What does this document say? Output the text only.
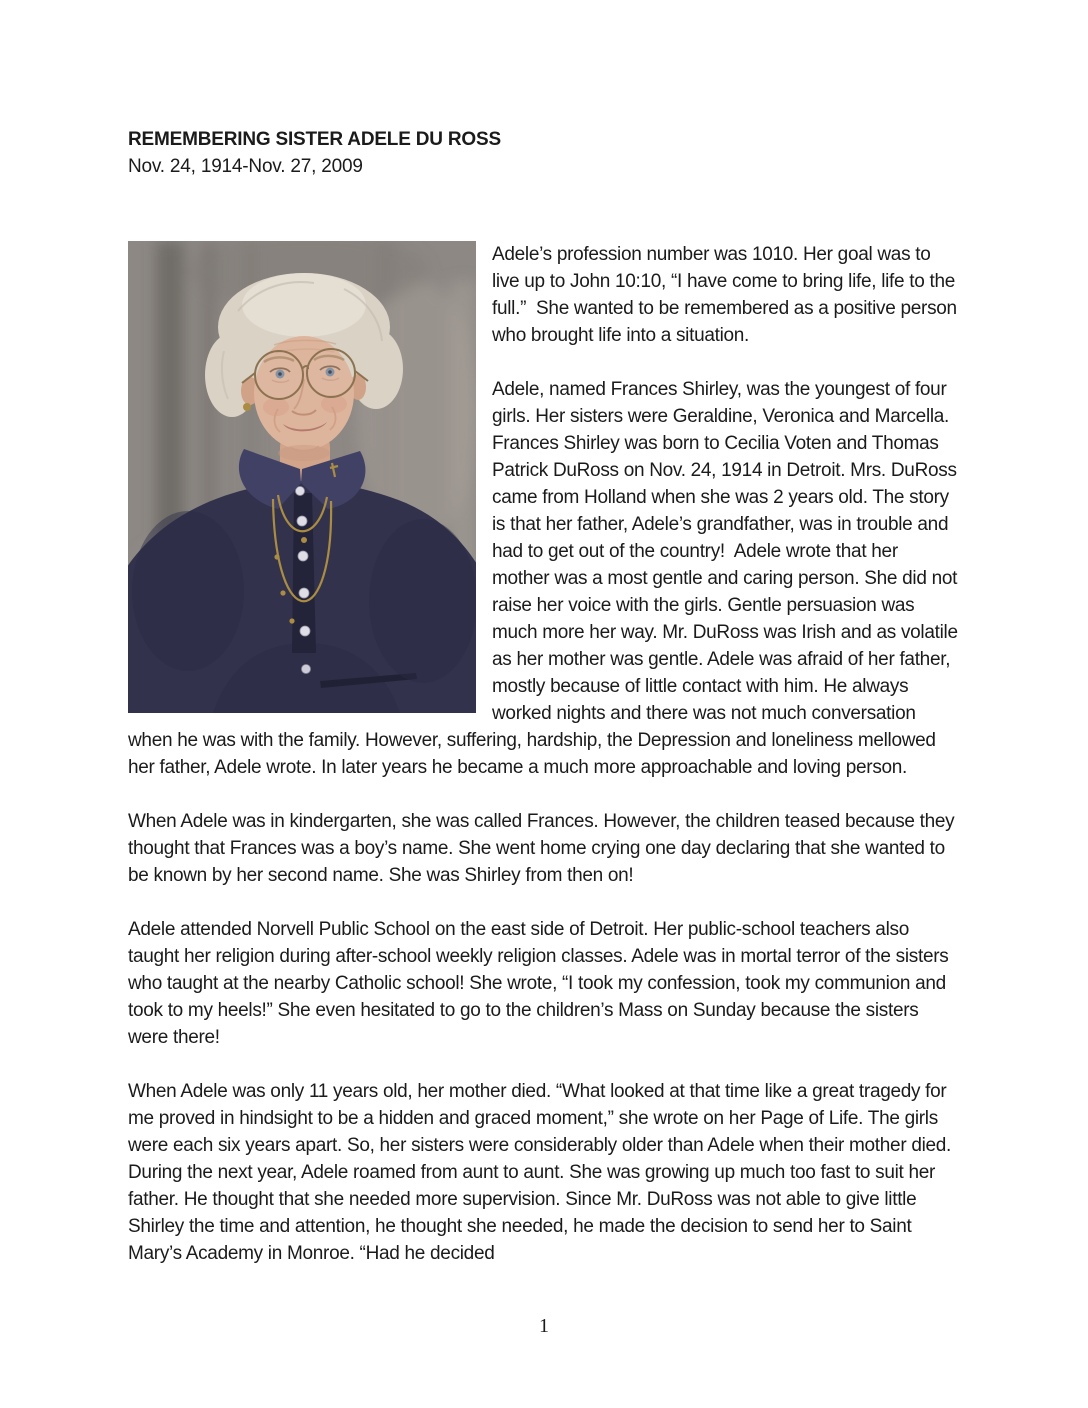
REMEMBERING SISTER ADELE DU ROSS

Nov. 24, 1914-Nov. 27, 2009

Adele’s profession number was 1010. Her goal was to live up to John 10:10, “I have come to bring life, life to the full.”  She wanted to be remembered as a positive person who brought life into a situation.

Adele, named Frances Shirley, was the youngest of four girls. Her sisters were Geraldine, Veronica and Marcella. Frances Shirley was born to Cecilia Voten and Thomas Patrick DuRoss on Nov. 24, 1914 in Detroit. Mrs. DuRoss came from Holland when she was 2 years old. The story is that her father, Adele’s grandfather, was in trouble and had to get out of the country!  Adele wrote that her mother was a most gentle and caring person. She did not raise her voice with the girls. Gentle persuasion was much more her way. Mr. DuRoss was Irish and as volatile as her mother was gentle. Adele was afraid of her father, mostly because of little contact with him. He always worked nights and there was not much conversation when he was with the family. However, suffering, hardship, the Depression and loneliness mellowed her father, Adele wrote. In later years he became a much more approachable and loving person.

When Adele was in kindergarten, she was called Frances. However, the children teased because they thought that Frances was a boy’s name. She went home crying one day declaring that she wanted to be known by her second name. She was Shirley from then on!

Adele attended Norvell Public School on the east side of Detroit. Her public-school teachers also taught her religion during after-school weekly religion classes. Adele was in mortal terror of the sisters who taught at the nearby Catholic school! She wrote, “I took my confession, took my communion and took to my heels!” She even hesitated to go to the children’s Mass on Sunday because the sisters were there!

When Adele was only 11 years old, her mother died. “What looked at that time like a great tragedy for me proved in hindsight to be a hidden and graced moment,” she wrote on her Page of Life. The girls were each six years apart. So, her sisters were considerably older than Adele when their mother died. During the next year, Adele roamed from aunt to aunt. She was growing up much too fast to suit her father. He thought that she needed more supervision. Since Mr. DuRoss was not able to give little Shirley the time and attention, he thought she needed, he made the decision to send her to Saint Mary’s Academy in Monroe. “Had he decided

1
